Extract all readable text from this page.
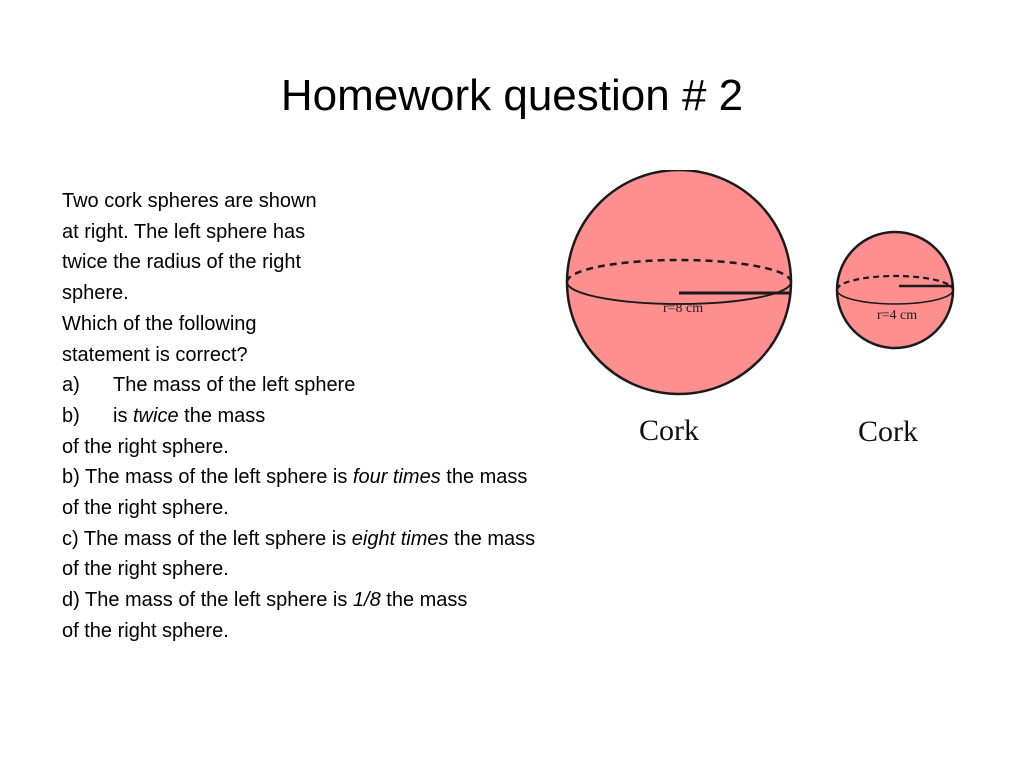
Homework question # 2
Two cork spheres are shown
at right. The left sphere has
twice the radius of the right
sphere.
Which of the following
statement is correct?
a) The mass of the left sphere
b) is twice the mass
of the right sphere.
b) The mass of the left sphere is four times the mass
of the right sphere.
c) The mass of the left sphere is eight times the mass
of the right sphere.
d) The mass of the left sphere is 1/8 the mass
of the right sphere.
r=8 cm
Cork
r=4 cm
Cork
